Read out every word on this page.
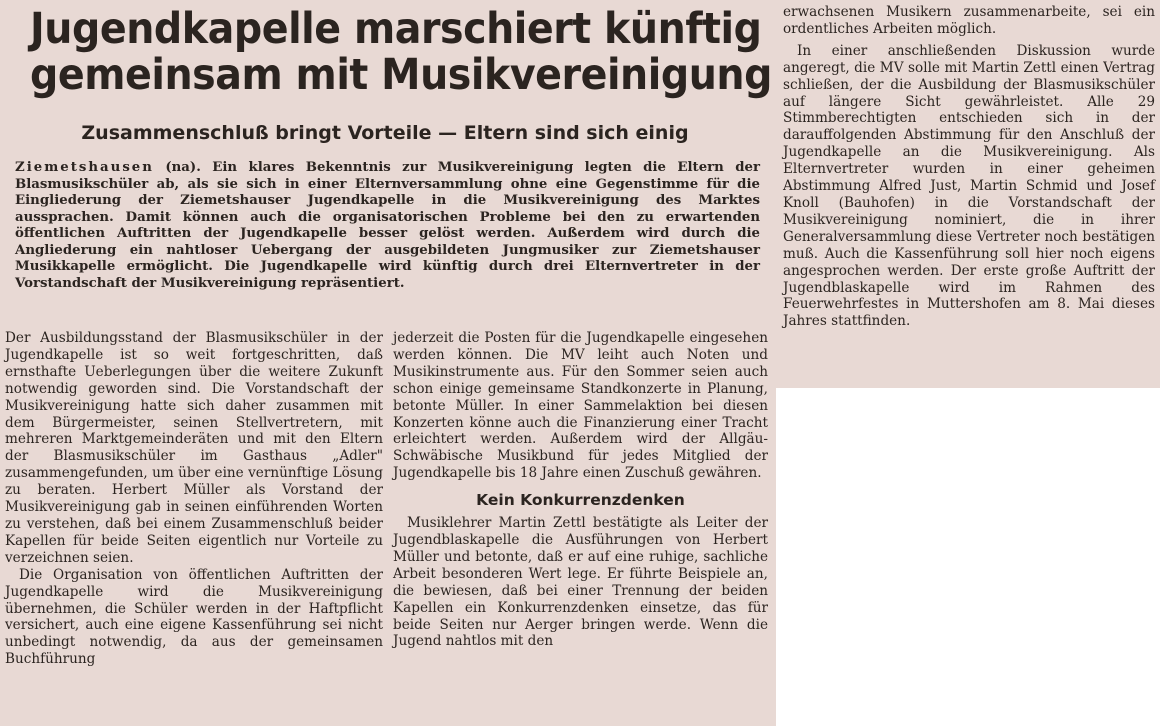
Jugendkapelle marschiert künftig
gemeinsam mit Musikvereinigung
Zusammenschluß bringt Vorteile — Eltern sind sich einig
Ziemetshausen (na). Ein klares Bekenntnis zur Musikvereinigung legten die Eltern der Blasmusikschüler ab, als sie sich in einer Elternversammlung ohne eine Gegenstimme für die Eingliederung der Ziemetshauser Jugendkapelle in die Musikvereinigung des Marktes aussprachen. Damit können auch die organisatorischen Probleme bei den zu erwartenden öffentlichen Auftritten der Jugendkapelle besser gelöst werden. Außerdem wird durch die Angliederung ein nahtloser Uebergang der ausgebildeten Jungmusiker zur Ziemetshauser Musikkapelle ermöglicht. Die Jugendkapelle wird künftig durch drei Elternvertreter in der Vorstandschaft der Musikvereinigung repräsentiert.

Der Ausbildungsstand der Blasmusikschüler in der Jugendkapelle ist so weit fortgeschritten, daß ernsthafte Ueberlegungen über die weitere Zukunft notwendig geworden sind. Die Vorstandschaft der Musikvereinigung hatte sich daher zusammen mit dem Bürgermeister, seinen Stellvertretern, mit mehreren Marktgemeinderäten und mit den Eltern der Blasmusikschüler im Gasthaus „Adler" zusammengefunden, um über eine vernünftige Lösung zu beraten. Herbert Müller als Vorstand der Musikvereinigung gab in seinen einführenden Worten zu verstehen, daß bei einem Zusammenschluß beider Kapellen für beide Seiten eigentlich nur Vorteile zu verzeichnen seien.

Die Organisation von öffentlichen Auftritten der Jugendkapelle wird die Musikvereinigung übernehmen, die Schüler werden in der Haftpflicht versichert, auch eine eigene Kassenführung sei nicht unbedingt notwendig, da aus der gemeinsamen Buchführung

jederzeit die Posten für die Jugendkapelle eingesehen werden können. Die MV leiht auch Noten und Musikinstrumente aus. Für den Sommer seien auch schon einige gemeinsame Standkonzerte in Planung, betonte Müller. In einer Sammelaktion bei diesen Konzerten könne auch die Finanzierung einer Tracht erleichtert werden. Außerdem wird der Allgäu-Schwäbische Musikbund für jedes Mitglied der Jugendkapelle bis 18 Jahre einen Zuschuß gewähren.

Kein Konkurrenzdenken

Musiklehrer Martin Zettl bestätigte als Leiter der Jugendblaskapelle die Ausführungen von Herbert Müller und betonte, daß er auf eine ruhige, sachliche Arbeit besonderen Wert lege. Er führte Beispiele an, die bewiesen, daß bei einer Trennung der beiden Kapellen ein Konkurrenzdenken einsetze, das für beide Seiten nur Aerger bringen werde. Wenn die Jugend nahtlos mit den

erwachsenen Musikern zusammenarbeite, sei ein ordentliches Arbeiten möglich.

In einer anschließenden Diskussion wurde angeregt, die MV solle mit Martin Zettl einen Vertrag schließen, der die Ausbildung der Blasmusikschüler auf längere Sicht gewährleistet. Alle 29 Stimmberechtigten entschieden sich in der darauffolgenden Abstimmung für den Anschluß der Jugendkapelle an die Musikvereinigung. Als Elternvertreter wurden in einer geheimen Abstimmung Alfred Just, Martin Schmid und Josef Knoll (Bauhofen) in die Vorstandschaft der Musikvereinigung nominiert, die in ihrer Generalversammlung diese Vertreter noch bestätigen muß. Auch die Kassenführung soll hier noch eigens angesprochen werden. Der erste große Auftritt der Jugendblaskapelle wird im Rahmen des Feuerwehrfestes in Muttershofen am 8. Mai dieses Jahres stattfinden.
